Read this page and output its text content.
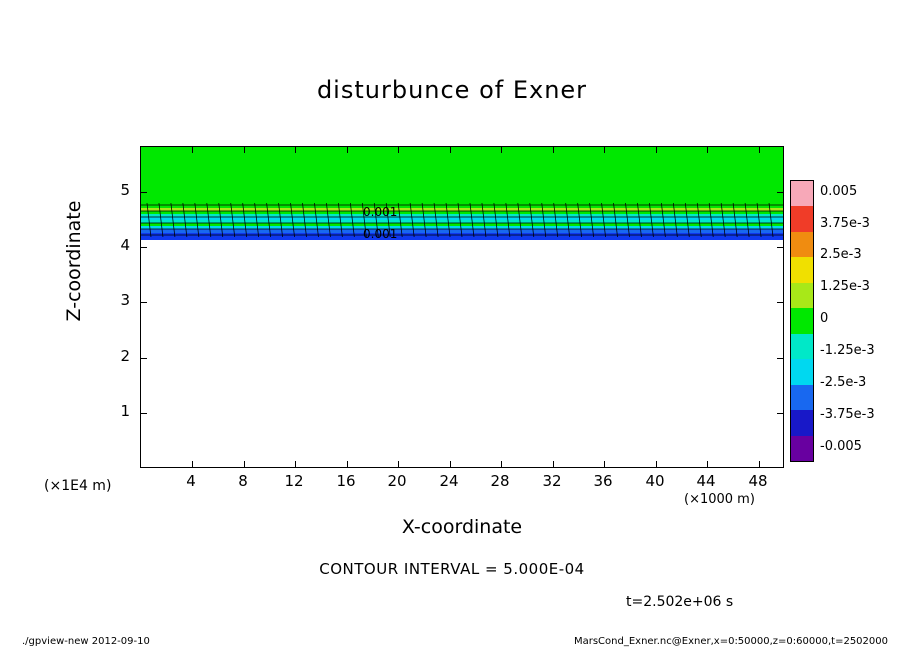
disturbunce of Exner
0.001
0.001
4	8	12	16	20	24	28	32	36	40	44	48
1
2
3
4
5
Z-coordinate
X-coordinate
(×1000 m)
(×1E4 m)
0.005
3.75e-3
2.5e-3
1.25e-3
0
-1.25e-3
-2.5e-3
-3.75e-3
-0.005
CONTOUR INTERVAL = 5.000E-04
t=2.502e+06 s
./gpview-new 2012-09-10	MarsCond_Exner.nc@Exner,x=0:50000,z=0:60000,t=2502000
